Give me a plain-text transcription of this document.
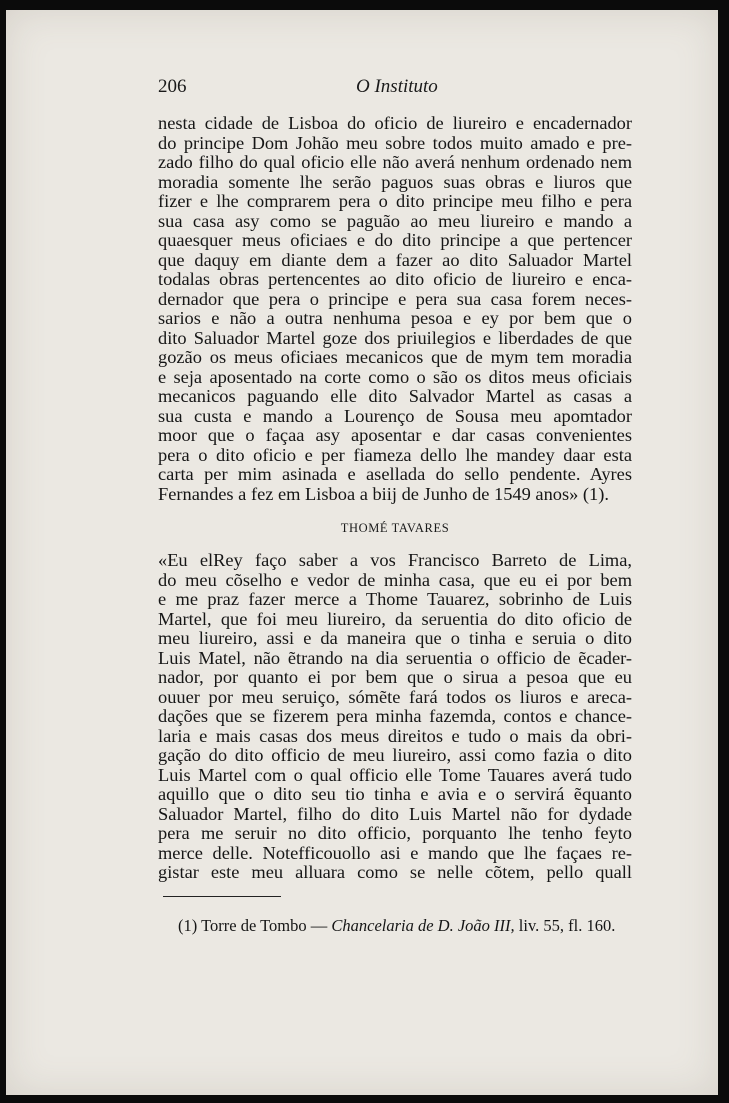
206	O Instituto
nesta cidade de Lisboa do oficio de liureiro e encadernador
do principe Dom Johão meu sobre todos muito amado e pre-
zado filho do qual oficio elle não averá nenhum ordenado nem
moradia somente lhe serão paguos suas obras e liuros que
fizer e lhe comprarem pera o dito principe meu filho e pera
sua casa asy como se paguão ao meu liureiro e mando a
quaesquer meus oficiaes e do dito principe a que pertencer
que daquy em diante dem a fazer ao dito Saluador Martel
todalas obras pertencentes ao dito oficio de liureiro e enca-
dernador que pera o principe e pera sua casa forem neces-
sarios e não a outra nenhuma pesoa e ey por bem que o
dito Saluador Martel goze dos priuilegios e liberdades de que
gozão os meus oficiaes mecanicos que de mym tem moradia
e seja aposentado na corte como o são os ditos meus oficiais
mecanicos paguando elle dito Salvador Martel as casas a
sua custa e mando a Lourenço de Sousa meu apomtador
moor que o façaa asy aposentar e dar casas convenientes
pera o dito oficio e per fiameza dello lhe mandey daar esta
carta per mim asinada e asellada do sello pendente. Ayres
Fernandes a fez em Lisboa a biij de Junho de 1549 anos» (1).
THOMÉ TAVARES
«Eu elRey faço saber a vos Francisco Barreto de Lima,
do meu cõselho e vedor de minha casa, que eu ei por bem
e me praz fazer merce a Thome Tauarez, sobrinho de Luis
Martel, que foi meu liureiro, da seruentia do dito oficio de
meu liureiro, assi e da maneira que o tinha e seruia o dito
Luis Matel, não ẽtrando na dia seruentia o officio de ẽcader-
nador, por quanto ei por bem que o sirua a pesoa que eu
ouuer por meu seruiço, sómẽte fará todos os liuros e areca-
dações que se fizerem pera minha fazemda, contos e chance-
laria e mais casas dos meus direitos e tudo o mais da obri-
gação do dito officio de meu liureiro, assi como fazia o dito
Luis Martel com o qual officio elle Tome Tauares averá tudo
aquillo que o dito seu tio tinha e avia e o servirá ẽquanto
Saluador Martel, filho do dito Luis Martel não for dydade
pera me seruir no dito officio, porquanto lhe tenho feyto
merce delle. Notefficouollo asi e mando que lhe façaes re-
gistar este meu alluara como se nelle cõtem, pello quall
(1) Torre de Tombo — Chancelaria de D. João III, liv. 55, fl. 160.
